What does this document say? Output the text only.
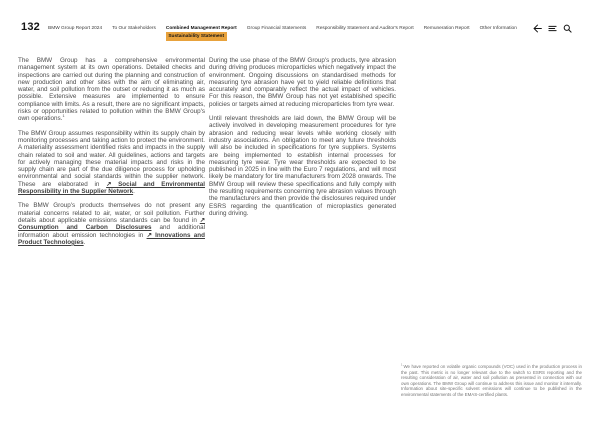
132 BMW Group Report 2024 To Our Stakeholders Combined Management Report
Sustainability Statement
Group Financial Statements Responsibility Statement and Auditor's Report Remuneration Report Other Information

The BMW Group has a comprehensive environmental management system at its own operations. Detailed checks and inspections are carried out during the planning and construction of new production and other sites with the aim of eliminating air, water, and soil pollution from the outset or reducing it as much as possible. Extensive measures are implemented to ensure compliance with limits. As a result, there are no significant impacts, risks or opportunities related to pollution within the BMW Group's own operations.$^1$

The BMW Group assumes responsibility within its supply chain by monitoring processes and taking action to protect the environment. A materiality assessment identified risks and impacts in the supply chain related to soil and water. All guidelines, actions and targets for actively managing these material impacts and risks in the supply chain are part of the due diligence process for upholding environmental and social standards within the supplier network. These are elaborated in ↗ Social and Environmental Responsibility in the Supplier Network.

The BMW Group's products themselves do not present any material concerns related to air, water, or soil pollution. Further details about applicable emissions standards can be found in ↗ Consumption and Carbon Disclosures and additional information about emission technologies in ↗ Innovations and Product Technologies.

During the use phase of the BMW Group's products, tyre abrasion during driving produces microparticles which negatively impact the environment. Ongoing discussions on standardised methods for measuring tyre abrasion have yet to yield reliable definitions that accurately and comparably reflect the actual impact of vehicles. For this reason, the BMW Group has not yet established specific policies or targets aimed at reducing microparticles from tyre wear.

Until relevant thresholds are laid down, the BMW Group will be actively involved in developing measurement procedures for tyre abrasion and reducing wear levels while working closely with industry associations. An obligation to meet any future thresholds will also be included in specifications for tyre suppliers. Systems are being implemented to establish internal processes for measuring tyre wear. Tyre wear thresholds are expected to be published in 2025 in line with the Euro 7 regulations, and will most likely be mandatory for tire manufacturers from 2028 onwards. The BMW Group will review these specifications and fully comply with the resulting requirements concerning tyre abrasion values through the manufacturers and then provide the disclosures required under ESRS regarding the quantification of microplastics generated during driving.

$^1$ We have reported on volatile organic compounds (VOC) used in the production process in the past. This metric is no longer relevant due to the switch to ESRS reporting and the resulting consideration of air, water and soil pollution as presented in connection with our own operations. The BMW Group will continue to address this issue and monitor it internally. Information about site-specific solvent emissions will continue to be published in the environmental statements of the EMAS-certified plants.
